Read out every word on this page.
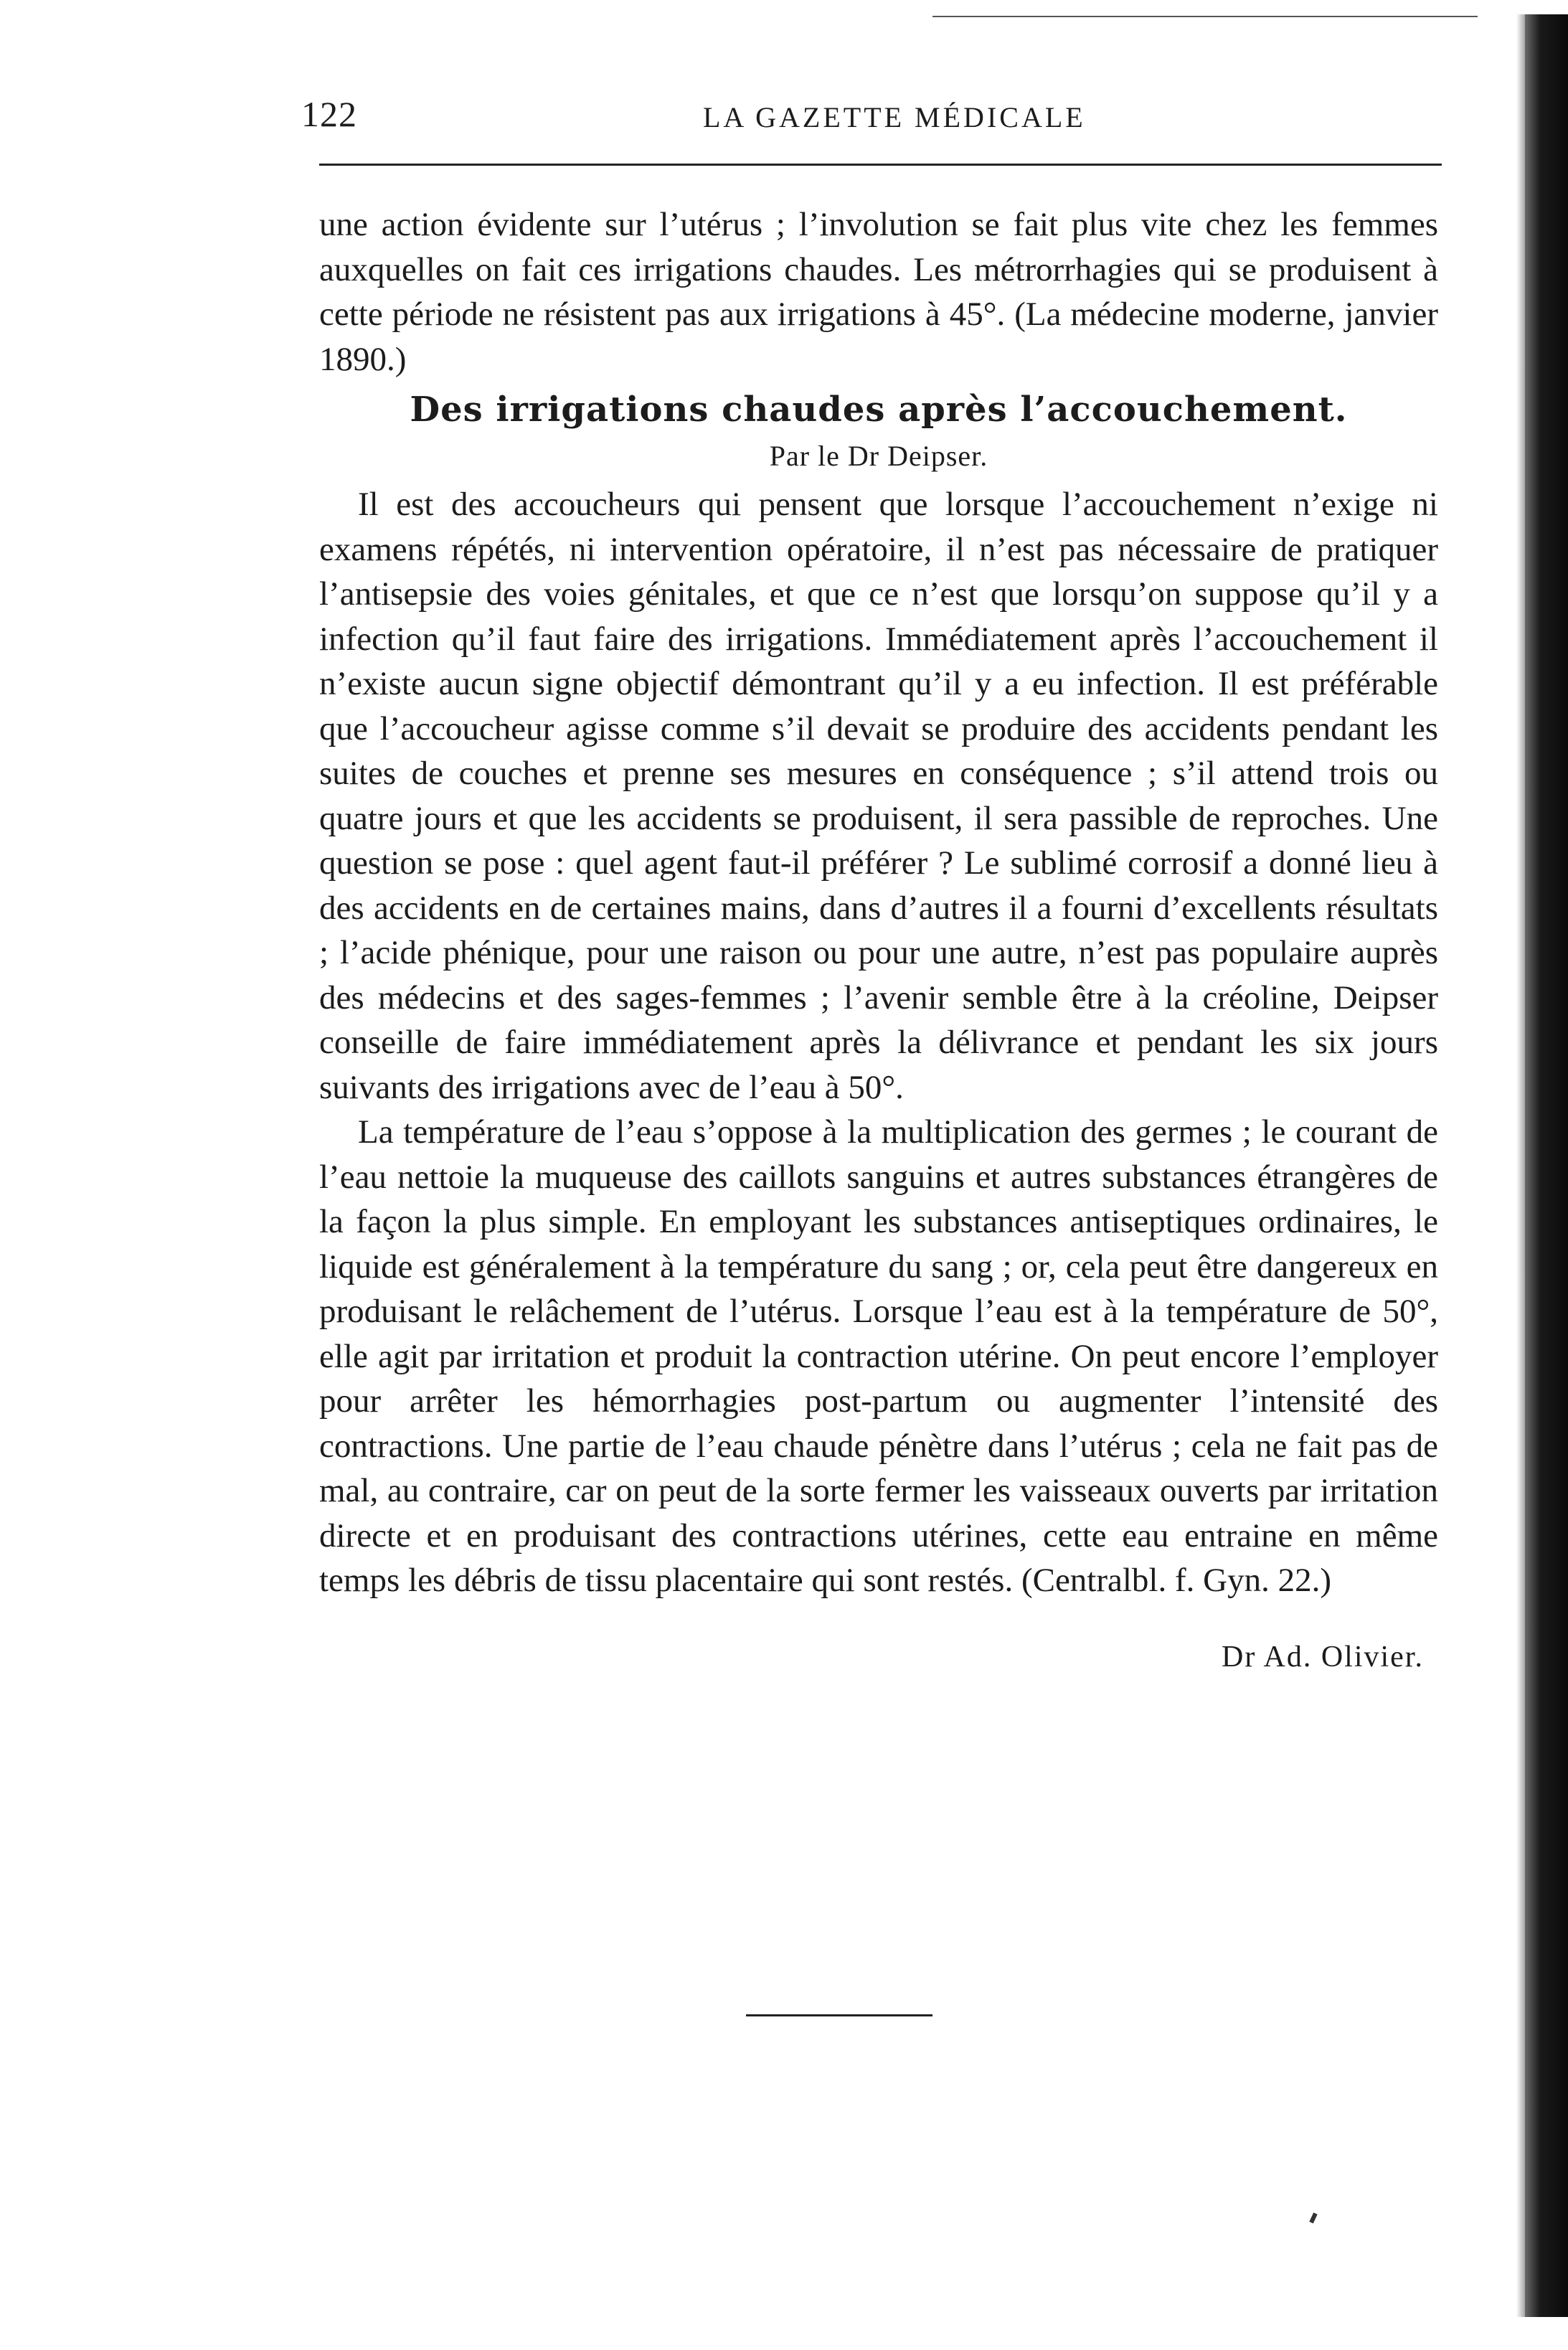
122	LA GAZETTE MÉDICALE

une action évidente sur l’utérus ; l’involution se fait plus vite chez les femmes auxquelles on fait ces irrigations chaudes. Les métrorrhagies qui se produisent à cette période ne résistent pas aux irrigations à 45°. (La médecine moderne, janvier 1890.)

Des irrigations chaudes après l’accouchement.

Par le Dr Deipser.

Il est des accoucheurs qui pensent que lorsque l’accouchement n’exige ni examens répétés, ni intervention opératoire, il n’est pas nécessaire de pratiquer l’antisepsie des voies génitales, et que ce n’est que lorsqu’on suppose qu’il y a infection qu’il faut faire des irrigations. Immédiatement après l’accouchement il n’existe aucun signe objectif démontrant qu’il y a eu infection. Il est préférable que l’accoucheur agisse comme s’il devait se produire des accidents pendant les suites de couches et prenne ses mesures en conséquence ; s’il attend trois ou quatre jours et que les accidents se produisent, il sera passible de reproches. Une question se pose : quel agent faut-il préférer ? Le sublimé corrosif a donné lieu à des accidents en de certaines mains, dans d’autres il a fourni d’excellents résultats ; l’acide phénique, pour une raison ou pour une autre, n’est pas populaire auprès des médecins et des sages-femmes ; l’avenir semble être à la créoline, Deipser conseille de faire immédiatement après la délivrance et pendant les six jours suivants des irrigations avec de l’eau à 50°.

La température de l’eau s’oppose à la multiplication des germes ; le courant de l’eau nettoie la muqueuse des caillots sanguins et autres substances étrangères de la façon la plus simple. En employant les substances antiseptiques ordinaires, le liquide est généralement à la température du sang ; or, cela peut être dangereux en produisant le relâchement de l’utérus. Lorsque l’eau est à la température de 50°, elle agit par irritation et produit la contraction utérine. On peut encore l’employer pour arrêter les hémorrhagies post-partum ou augmenter l’intensité des contractions. Une partie de l’eau chaude pénètre dans l’utérus ; cela ne fait pas de mal, au contraire, car on peut de la sorte fermer les vaisseaux ouverts par irritation directe et en produisant des contractions utérines, cette eau entraine en même temps les débris de tissu placentaire qui sont restés. (Centralbl. f. Gyn. 22.)

Dr Ad. Olivier.
